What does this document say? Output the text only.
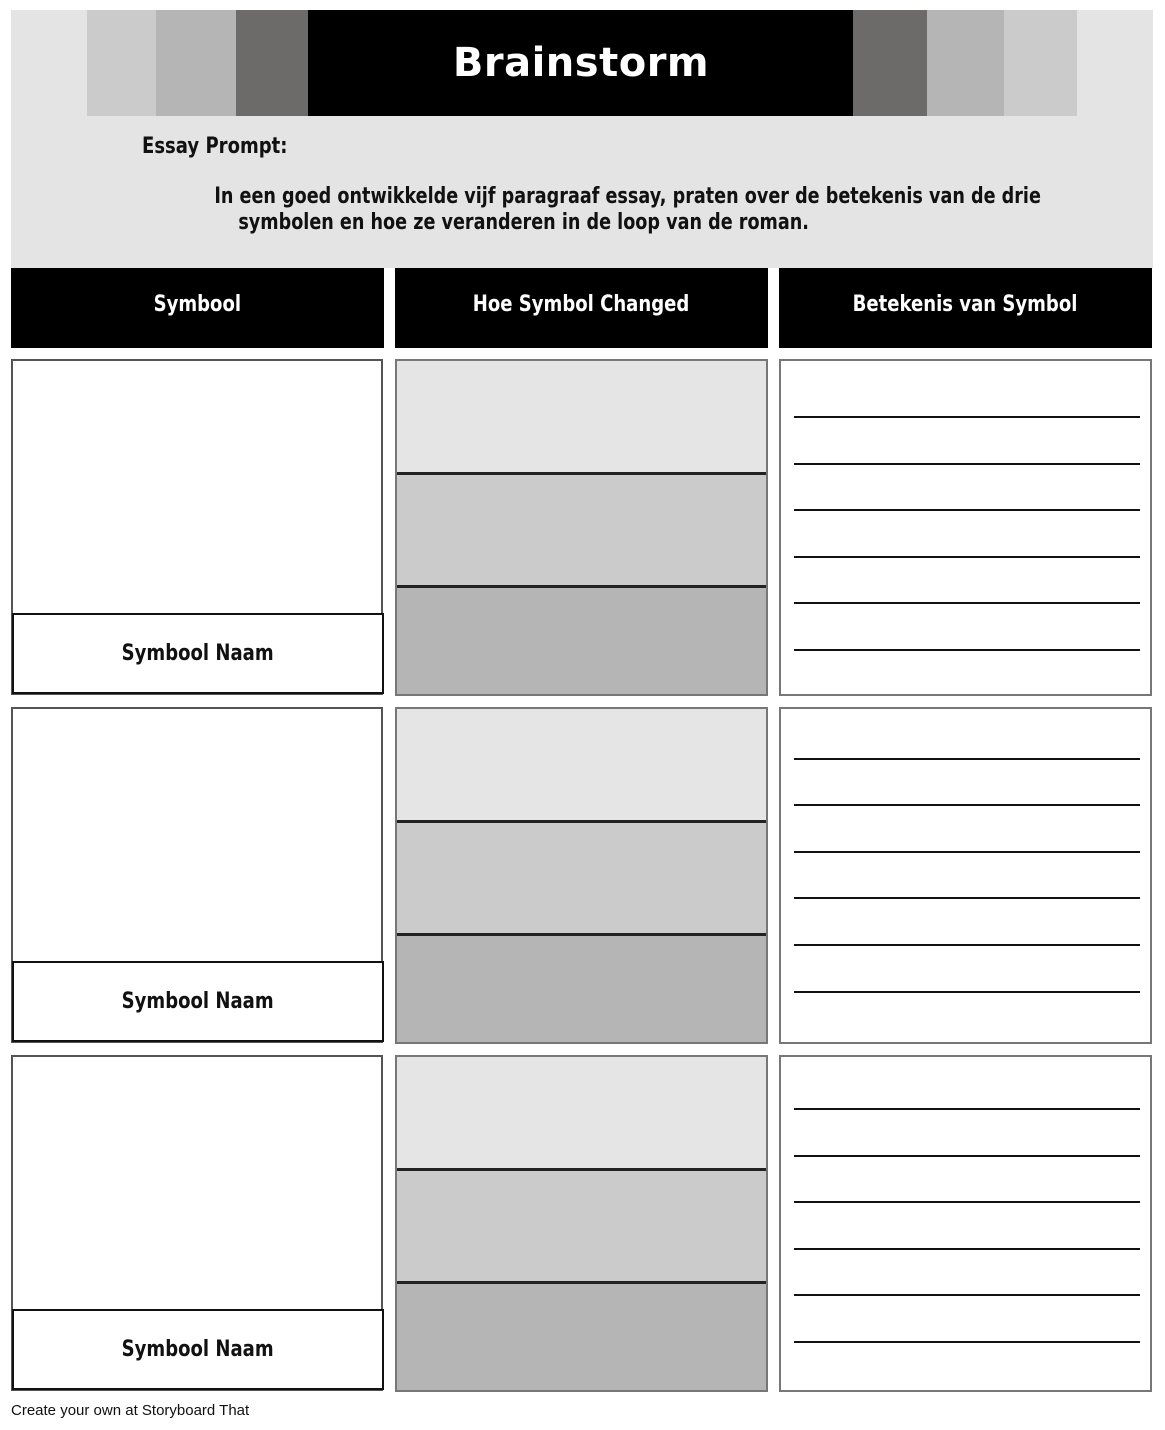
Brainstorm
Essay Prompt:
In een goed ontwikkelde vijf paragraaf essay, praten over de betekenis van de drie
symbolen en hoe ze veranderen in de loop van de roman.
Symbool	Hoe Symbol Changed	Betekenis van Symbol
Symbool Naam
Symbool Naam
Symbool Naam
Create your own at Storyboard That
